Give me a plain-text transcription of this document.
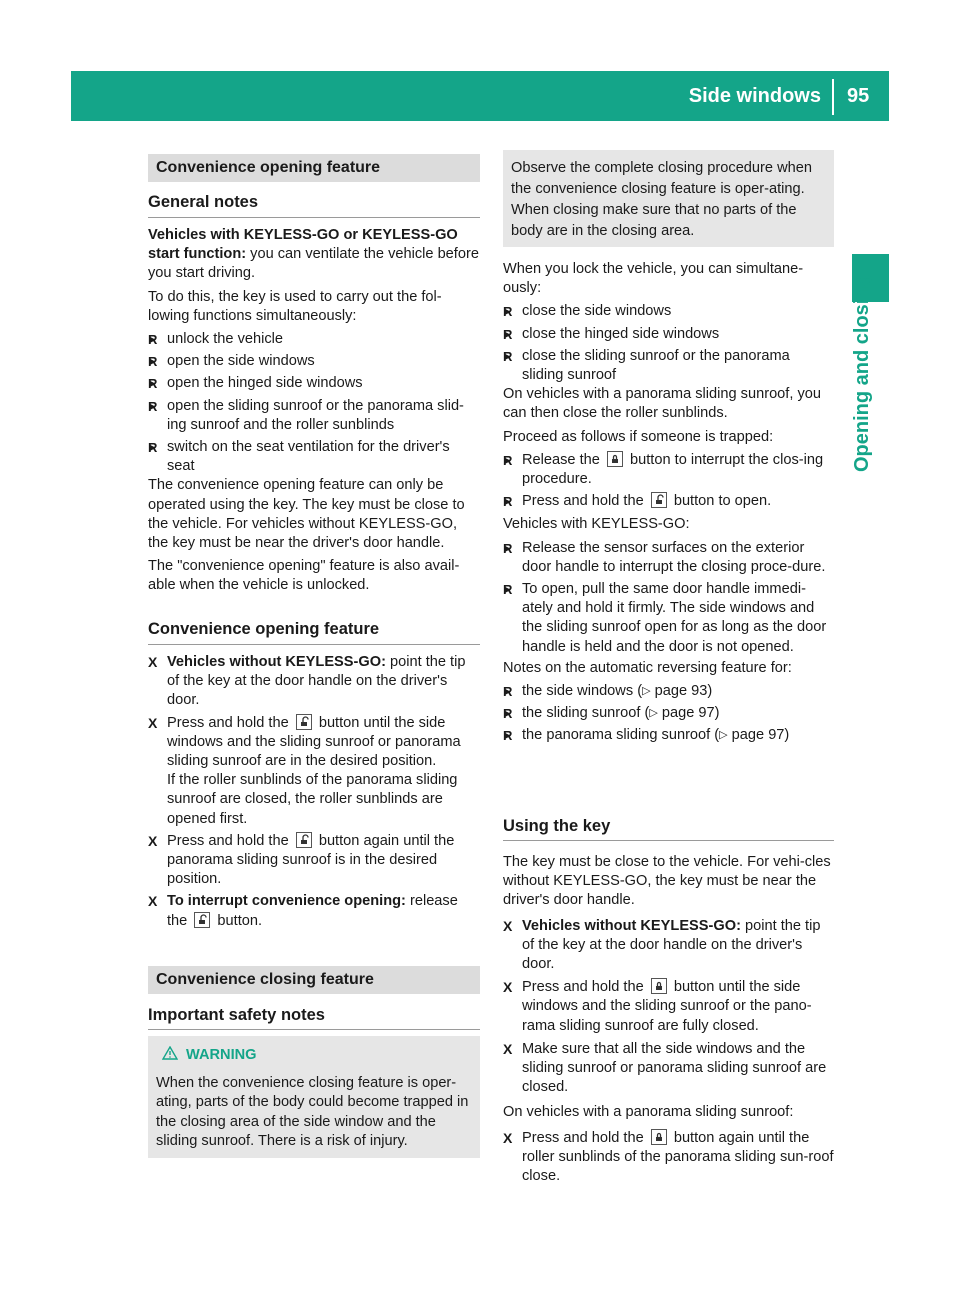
Side windows 95
Opening and closing
Convenience opening feature
General notes

Vehicles with KEYLESS-GO or KEYLESS-GO start function: you can ventilate the vehicle before you start driving.

To do this, the key is used to carry out the fol-lowing functions simultaneously:

▸ R unlock the vehicle
▸ R open the side windows
▸ R open the hinged side windows
▸ R open the sliding sunroof or the panorama slid-ing sunroof and the roller sunblinds
▸ R switch on the seat ventilation for the driver's seat

The convenience opening feature can only be operated using the key. The key must be close to the vehicle. For vehicles without KEYLESS-GO, the key must be near the driver's door handle.

The "convenience opening" feature is also avail-able when the vehicle is unlocked.

Convenience opening feature
X Vehicles without KEYLESS-GO: point the tip of the key at the door handle on the driver's door.
X Press and hold the button until the side windows and the sliding sunroof or panorama sliding sunroof are in the desired position.
If the roller sunblinds of the panorama sliding sunroof are closed, the roller sunblinds are opened first.
X Press and hold the button again until the panorama sliding sunroof is in the desired position.
X To interrupt convenience opening: release
the button.
Convenience closing feature
Important safety notes
WARNING

When the convenience closing feature is oper-ating, parts of the body could become trapped in the closing area of the side window and the sliding sunroof. There is a risk of injury.

Observe the complete closing procedure when the convenience closing feature is oper-ating. When closing make sure that no parts of the body are in the closing area.

When you lock the vehicle, you can simultane-ously:

▸ R close the side windows
▸ R close the hinged side windows
▸ R close the sliding sunroof or the panorama sliding sunroof

On vehicles with a panorama sliding sunroof, you can then close the roller sunblinds.

Proceed as follows if someone is trapped:

▸ R Release the button to interrupt the clos-ing procedure.
▸ R Press and hold the button to open.

Vehicles with KEYLESS-GO:

▸ R Release the sensor surfaces on the exterior door handle to interrupt the closing proce-dure.
▸ R To open, pull the same door handle immedi-ately and hold it firmly. The side windows and the sliding sunroof open for as long as the door handle is held and the door is not opened.

Notes on the automatic reversing feature for:

▸ R the side windows (▷ page 93)
▸ R the sliding sunroof (▷ page 97)
▸ R the panorama sliding sunroof (▷ page 97)
Using the key

The key must be close to the vehicle. For vehi-cles without KEYLESS-GO, the key must be near the driver's door handle.

X Vehicles without KEYLESS-GO: point the tip of the key at the door handle on the driver's door.
X Press and hold the button until the side windows and the sliding sunroof or the pano-rama sliding sunroof are fully closed.
X Make sure that all the side windows and the sliding sunroof or panorama sliding sunroof are closed.

On vehicles with a panorama sliding sunroof:

X Press and hold the button again until the roller sunblinds of the panorama sliding sun-roof close.
